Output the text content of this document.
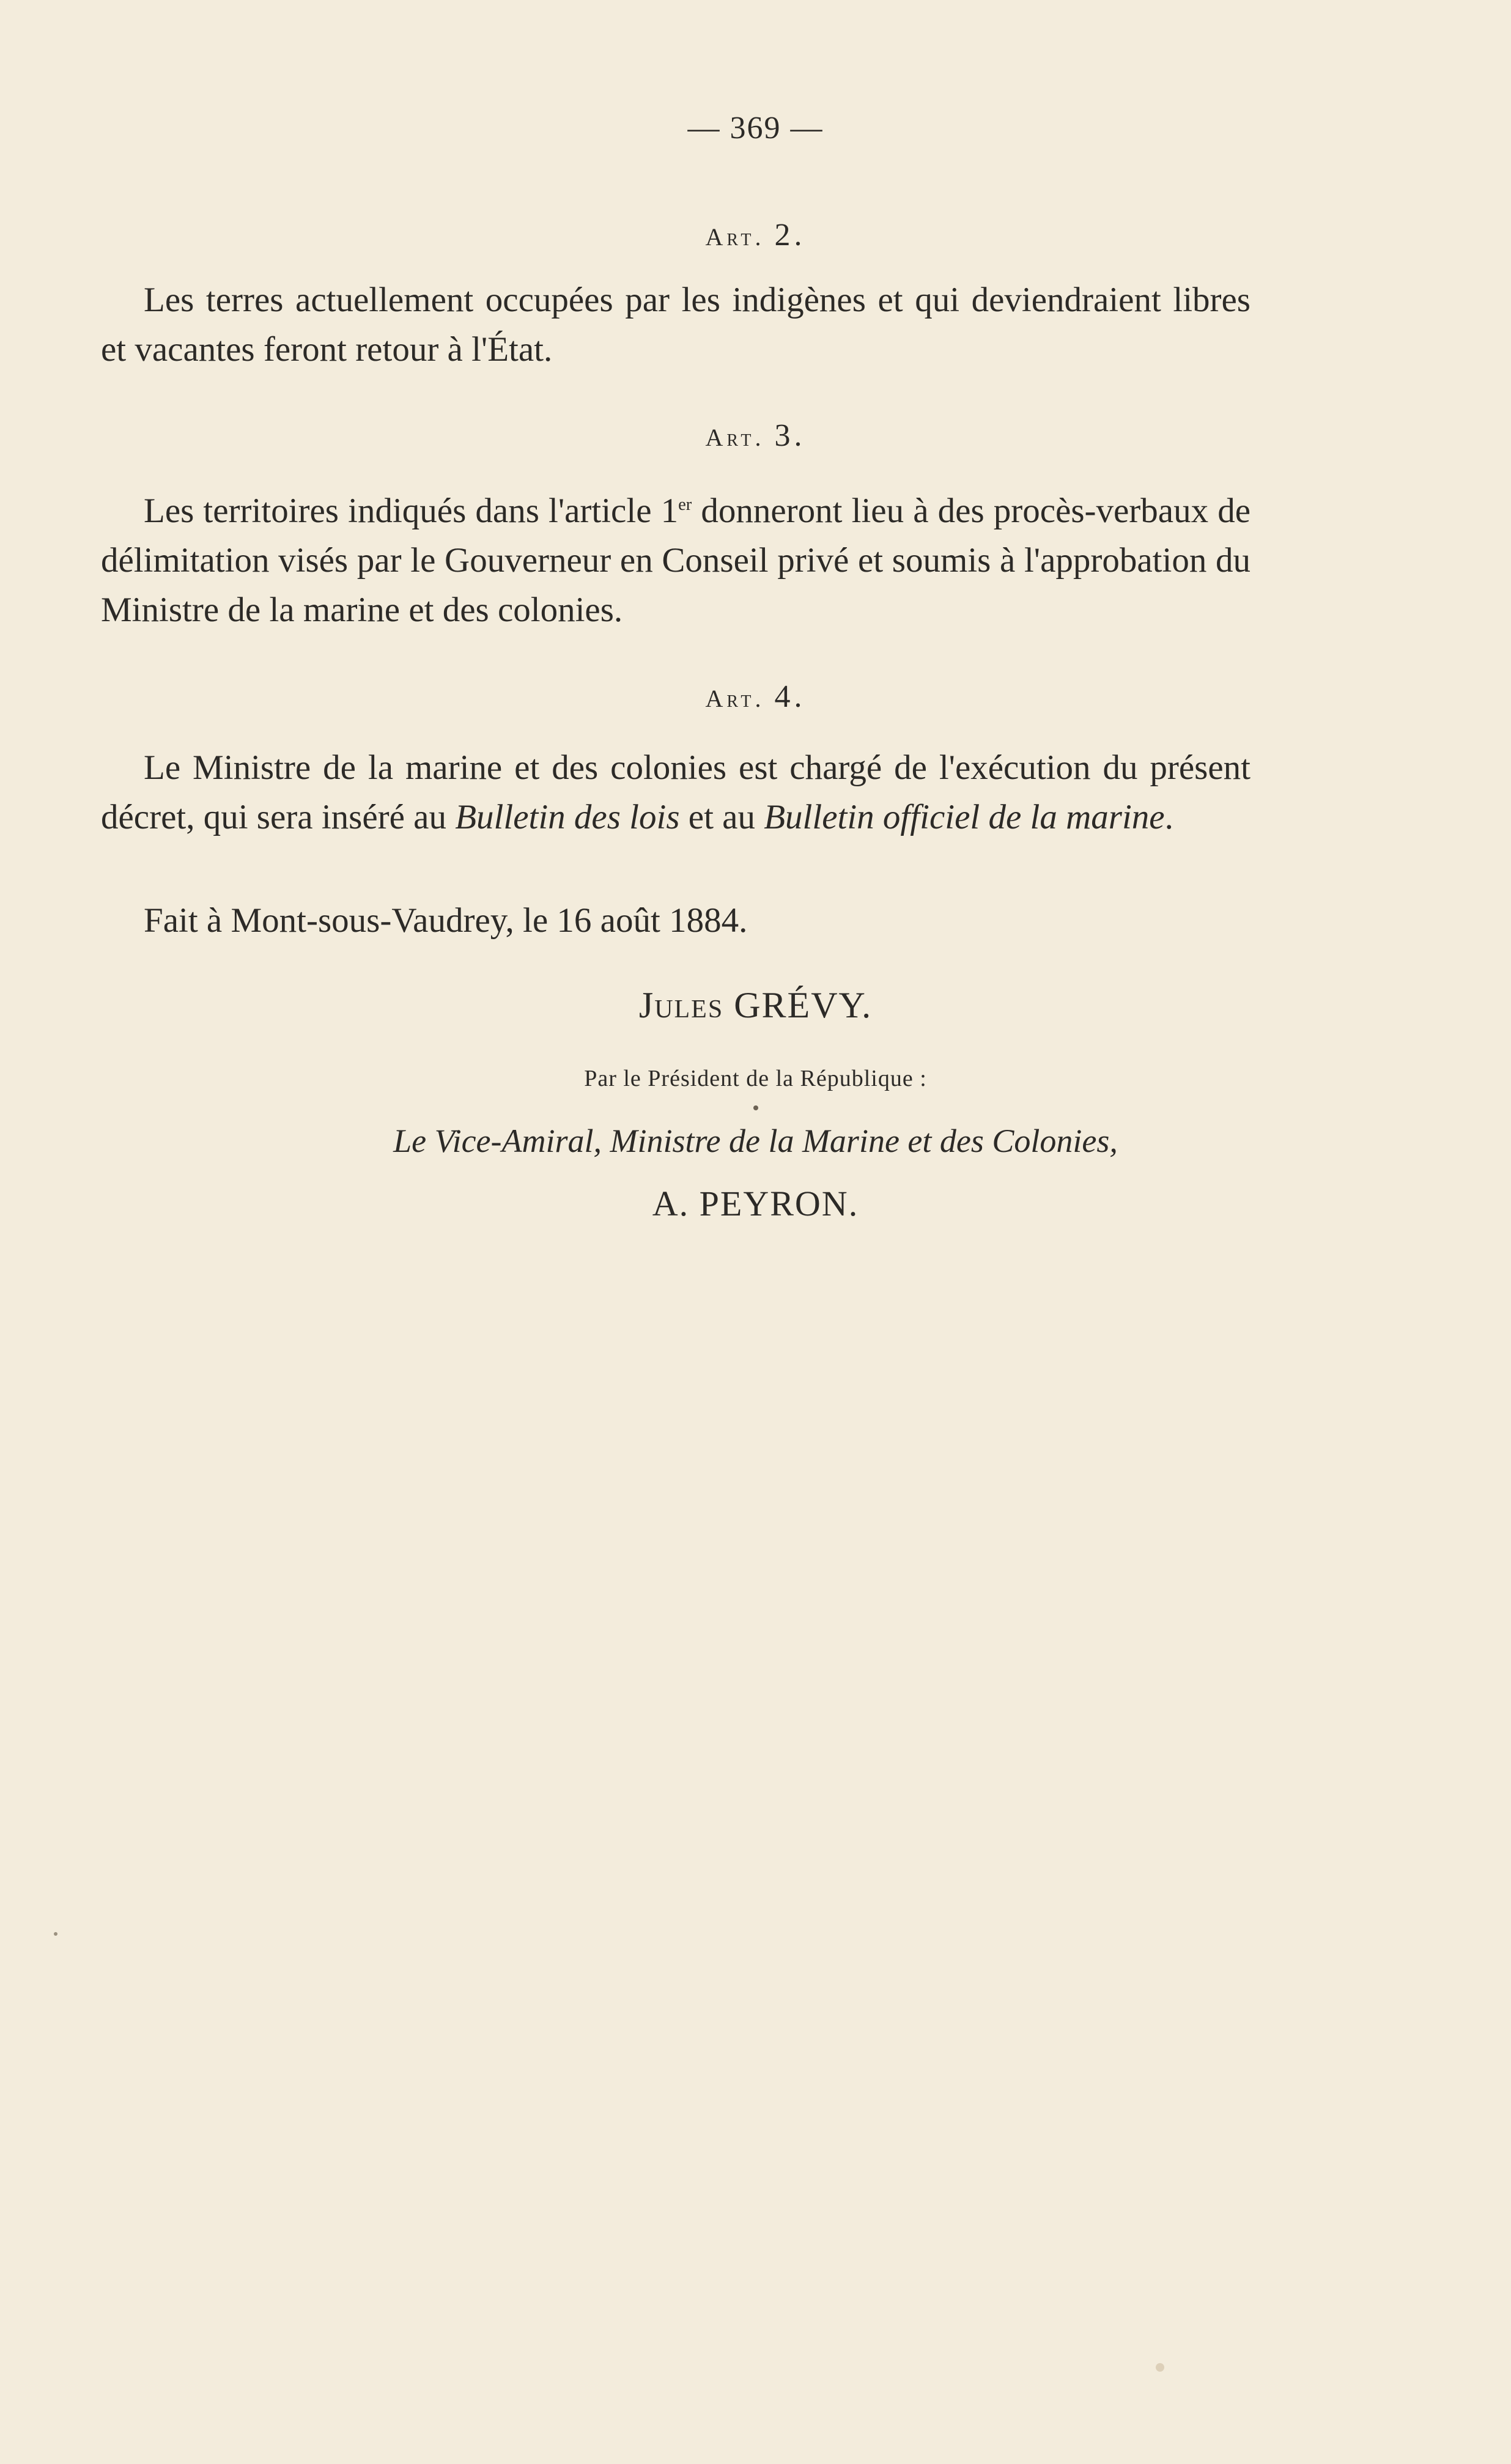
— 369 —
Art. 2.
Les terres actuellement occupées par les indigènes et qui deviendraient libres et vacantes feront retour à l'État.
Art. 3.
Les territoires indiqués dans l'article 1er donneront lieu à des procès-verbaux de délimitation visés par le Gouverneur en Conseil privé et soumis à l'approbation du Ministre de la marine et des colonies.
Art. 4.
Le Ministre de la marine et des colonies est chargé de l'exécution du présent décret, qui sera inséré au Bulletin des lois et au Bulletin officiel de la marine.
Fait à Mont-sous-Vaudrey, le 16 août 1884.
Jules GRÉVY.
Par le Président de la République :
Le Vice-Amiral, Ministre de la Marine et des Colonies,
A. PEYRON.
